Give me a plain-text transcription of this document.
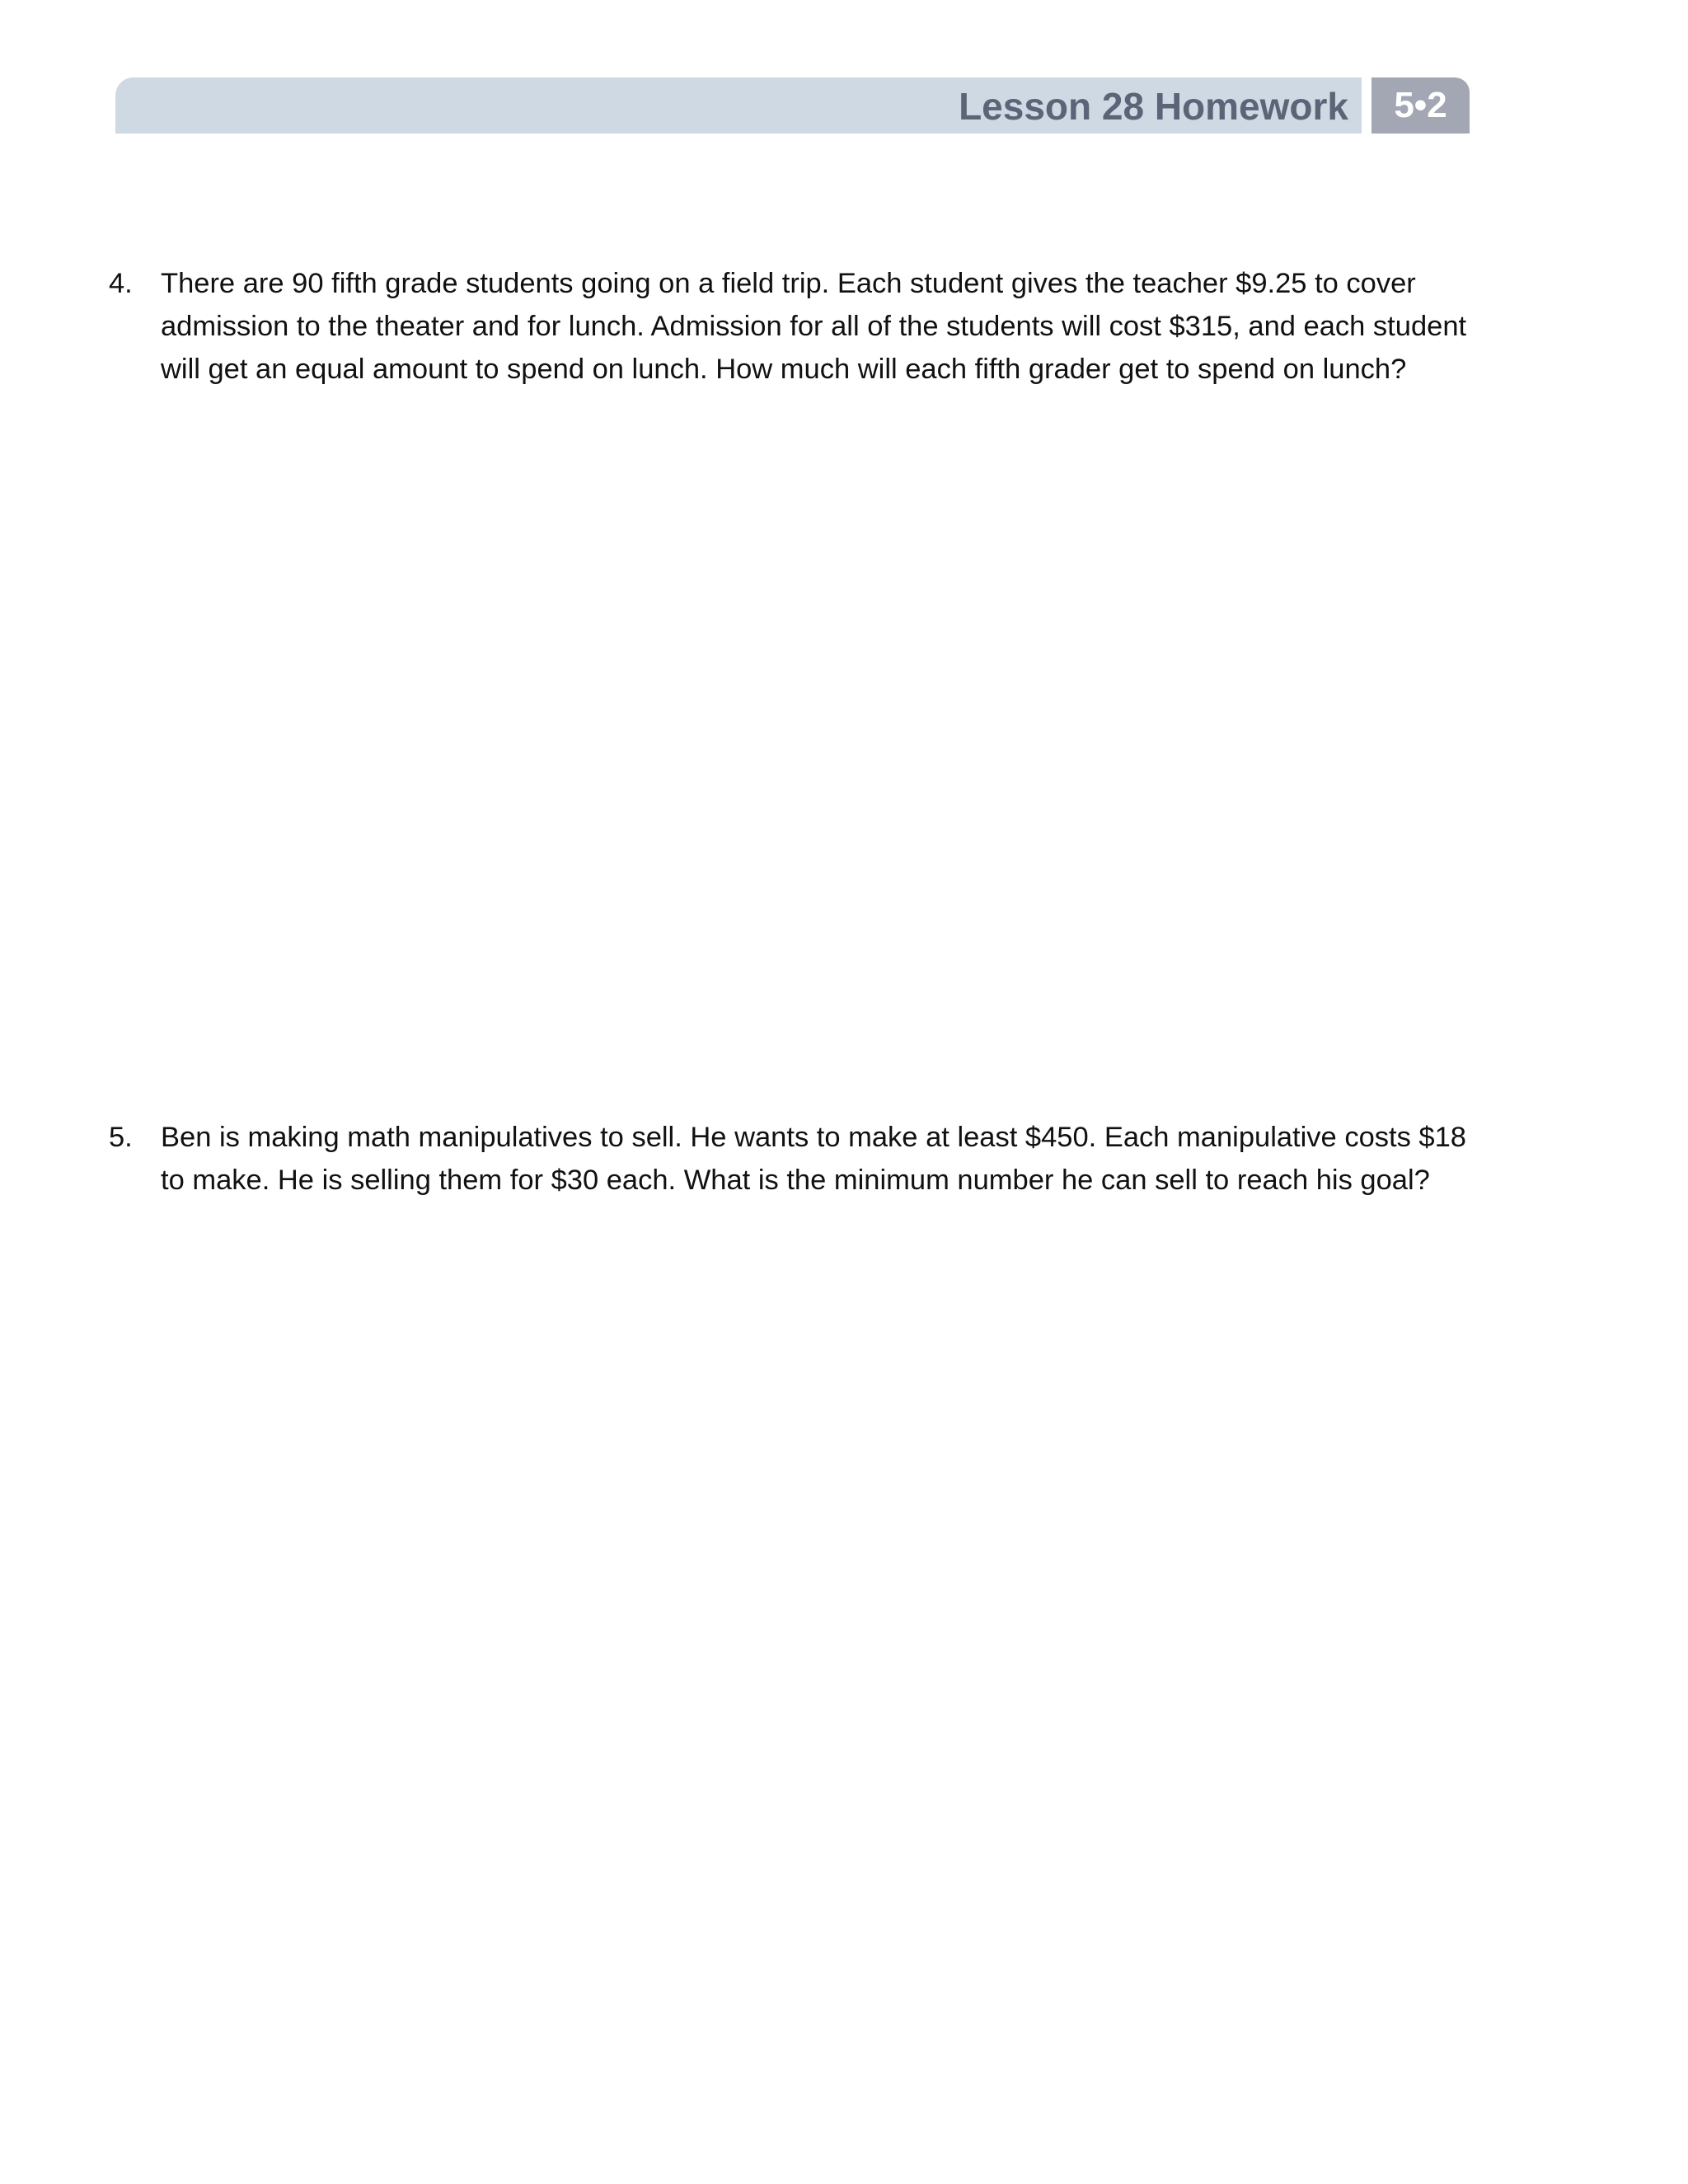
Lesson 28 Homework	5•2
4. There are 90 fifth grade students going on a field trip. Each student gives the teacher $9.25 to cover
admission to the theater and for lunch. Admission for all of the students will cost $315, and each student
will get an equal amount to spend on lunch. How much will each fifth grader get to spend on lunch?
5. Ben is making math manipulatives to sell. He wants to make at least $450. Each manipulative costs $18
to make. He is selling them for $30 each. What is the minimum number he can sell to reach his goal?
